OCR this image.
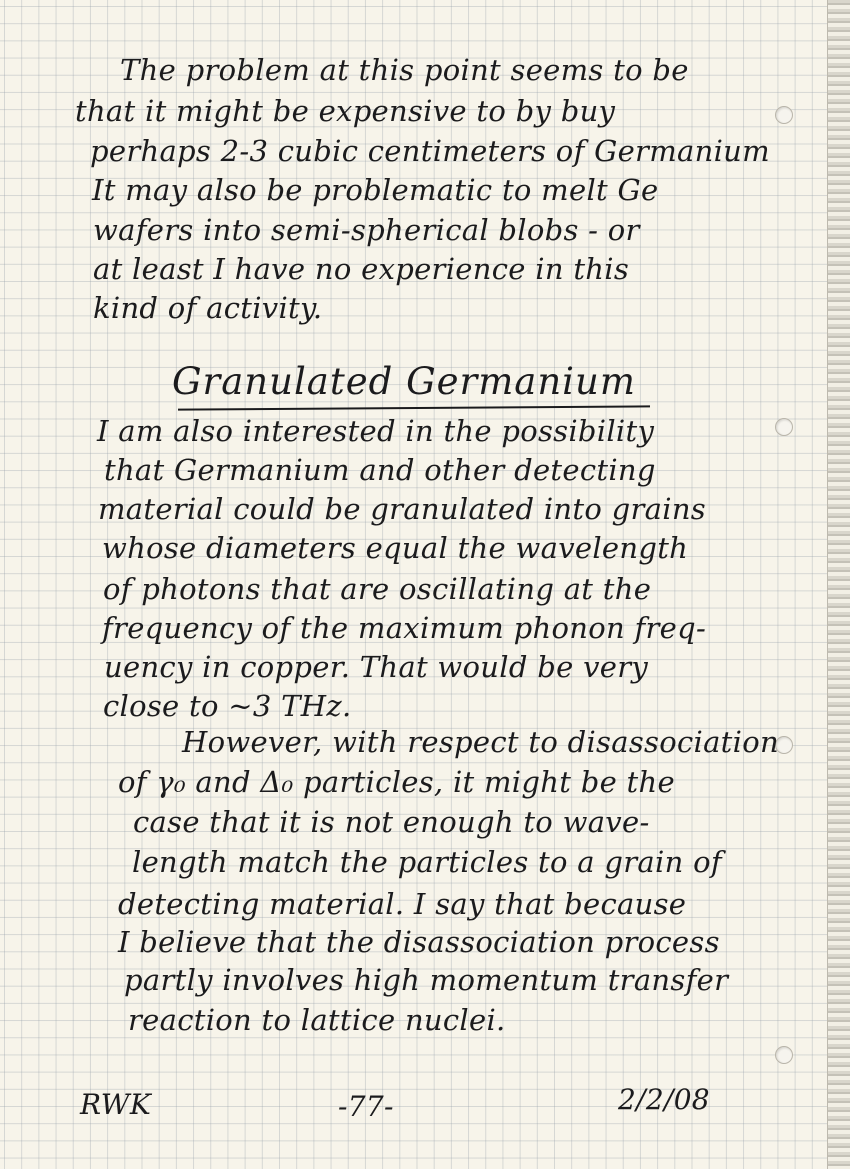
The problem at this point seems to be
that it might be expensive to by buy
perhaps 2-3 cubic centimeters of Germanium
It may also be problematic to melt Ge
wafers into semi-spherical blobs - or
at least I have no experience in this
kind of activity.
Granulated Germanium
I am also interested in the possibility
that Germanium and other detecting
material could be granulated into grains
whose diameters equal the wavelength
of photons that are oscillating at the
frequency of the maximum phonon freq-
uency in copper. That would be very
close to ~3 THz.
However, with respect to disassociation
of γ₀ and Δ₀ particles, it might be the
case that it is not enough to wave-
length match the particles to a grain of
detecting material. I say that because
I believe that the disassociation process
partly involves high momentum transfer
reaction to lattice nuclei.
RWK	-77-	2/2/08
